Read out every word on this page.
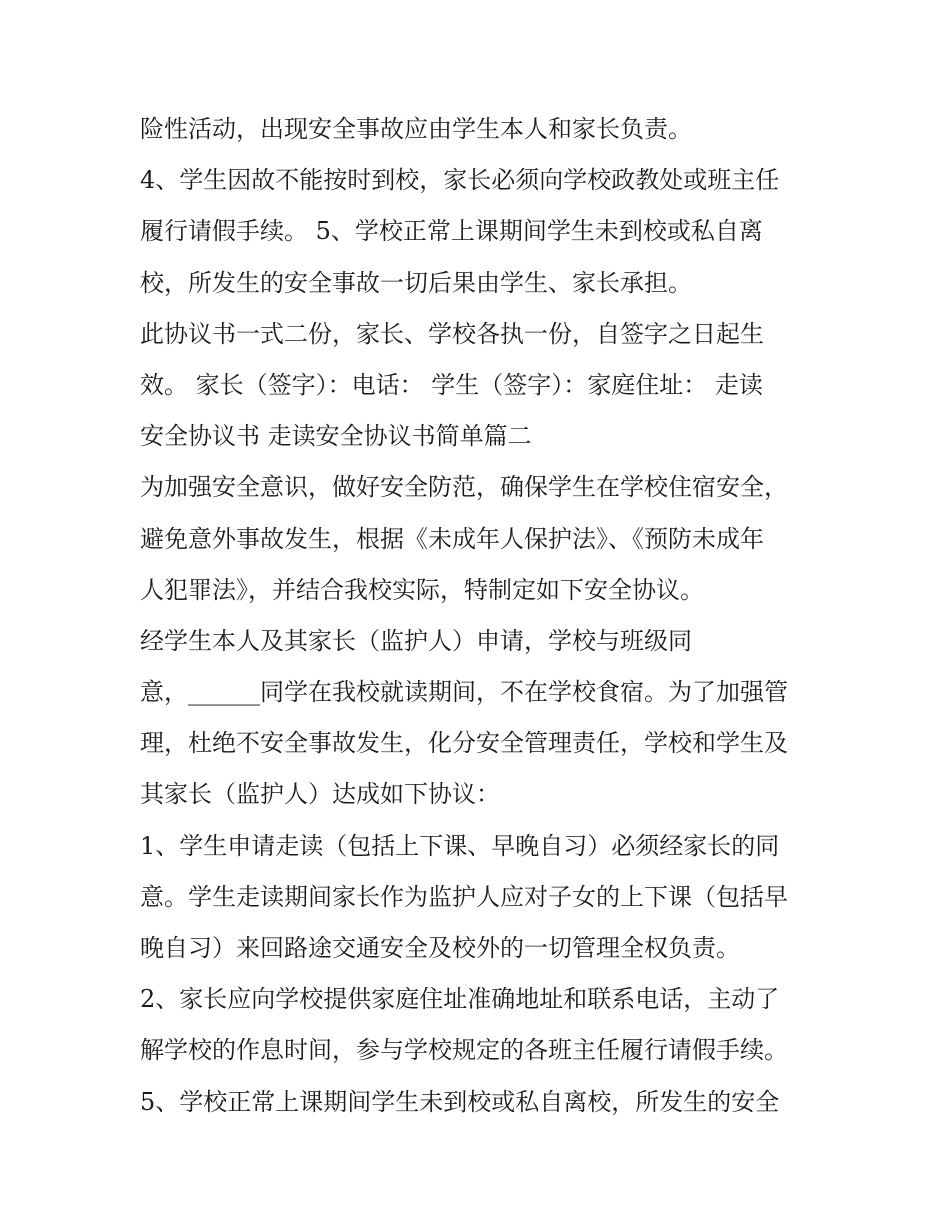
险性活动，出现安全事故应由学生本人和家长负责。
4、学生因故不能按时到校，家长必须向学校政教处或班主任
履行请假手续。 5、学校正常上课期间学生未到校或私自离
校，所发生的安全事故一切后果由学生、家长承担。
此协议书一式二份，家长、学校各执一份，自签字之日起生
效。 家长（签字）：电话： 学生（签字）：家庭住址： 走读
安全协议书 走读安全协议书简单篇二
为加强安全意识，做好安全防范，确保学生在学校住宿安全，
避免意外事故发生，根据《未成年人保护法》、《预防未成年
人犯罪法》，并结合我校实际，特制定如下安全协议。
经学生本人及其家长（监护人）申请，学校与班级同
意，______同学在我校就读期间，不在学校食宿。为了加强管
理，杜绝不安全事故发生，化分安全管理责任，学校和学生及
其家长（监护人）达成如下协议：
1、学生申请走读（包括上下课、早晚自习）必须经家长的同
意。学生走读期间家长作为监护人应对子女的上下课（包括早
晚自习）来回路途交通安全及校外的一切管理全权负责。
2、家长应向学校提供家庭住址准确地址和联系电话，主动了
解学校的作息时间，参与学校规定的各班主任履行请假手续。
5、学校正常上课期间学生未到校或私自离校，所发生的安全
